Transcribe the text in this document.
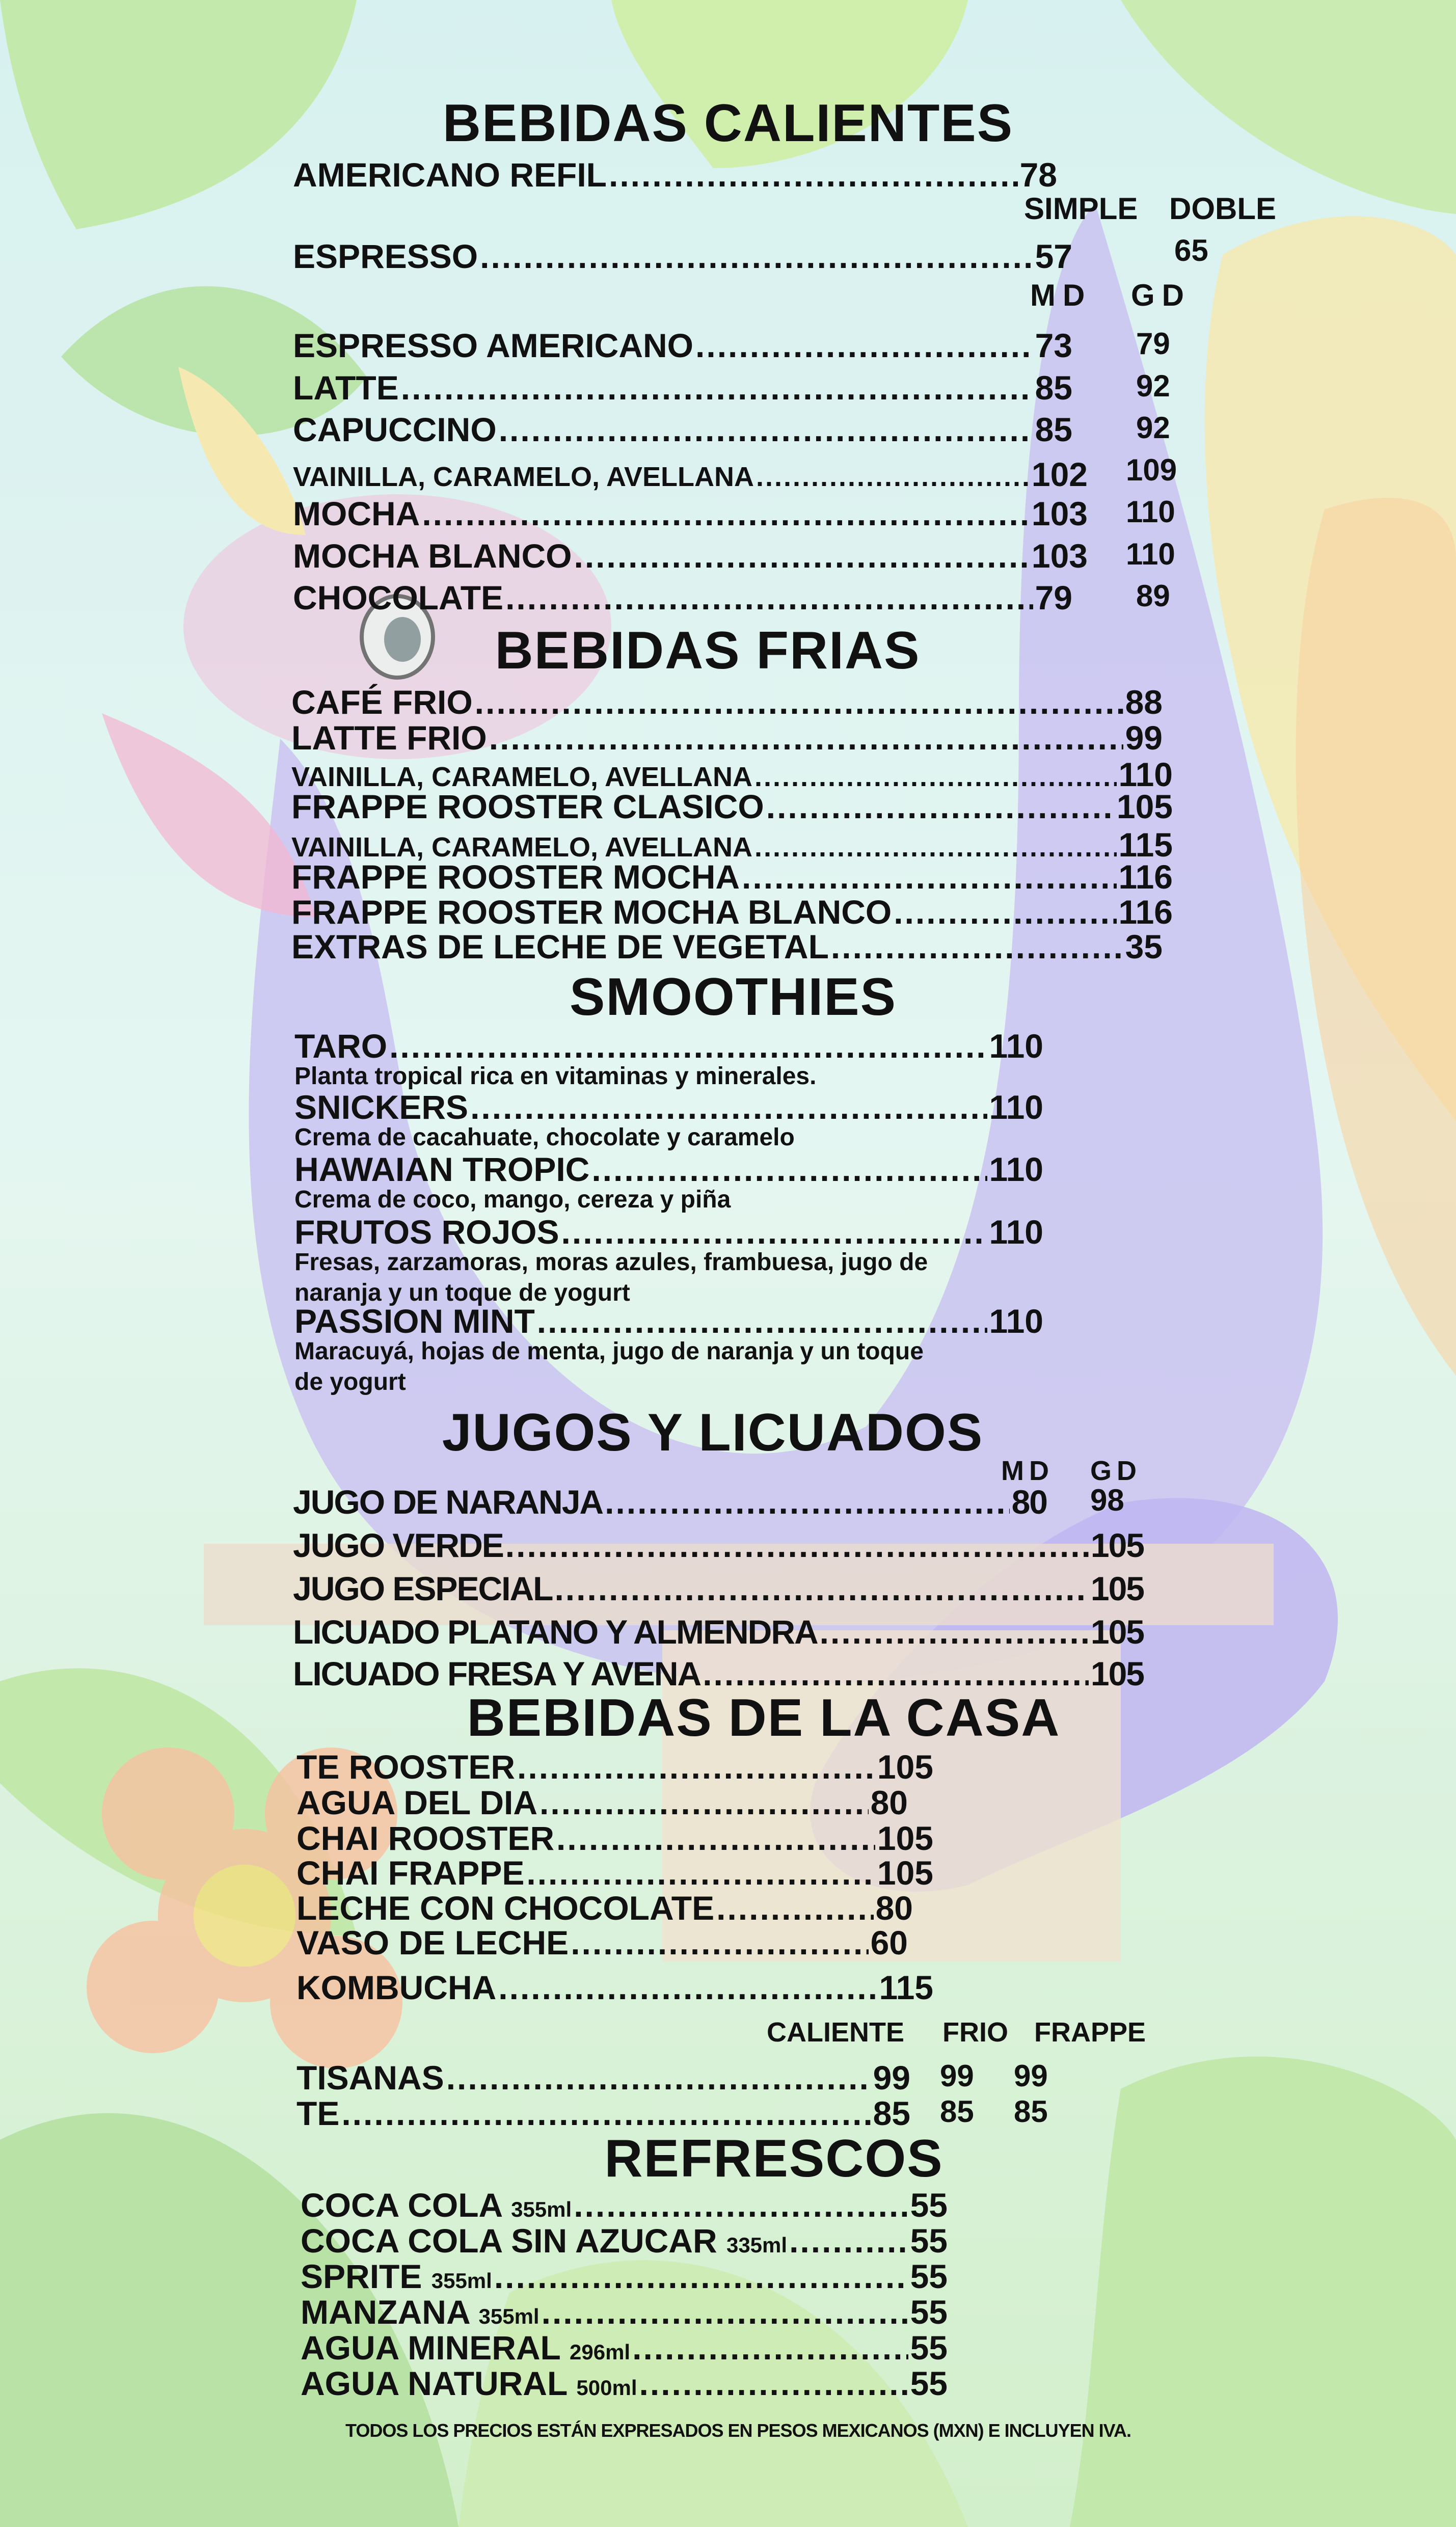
BEBIDAS CALIENTES
AMERICANO REFIL .....	78
SIMPLE DOBLE
ESPRESSO .....	57	65
MD GD
ESPRESSO AMERICANO .....	73 79
LATTE .....	85 92
CAPUCCINO .....	85 92
VAINILLA, CARAMELO, AVELLANA .....	102 109
MOCHA .....	103 110
MOCHA BLANCO .....	103 110
CHOCOLATE .....	79 89
BEBIDAS FRIAS
CAFÉ FRIO .....	88
LATTE FRIO .....	99
VAINILLA, CARAMELO, AVELLANA .....	110
FRAPPE ROOSTER CLASICO .....	105
VAINILLA, CARAMELO, AVELLANA .....	115
FRAPPE ROOSTER MOCHA .....	116
FRAPPE ROOSTER MOCHA BLANCO .....	116
EXTRAS DE LECHE DE VEGETAL .....	35
SMOOTHIES
TARO .....	110
Planta tropical rica en vitaminas y minerales.
SNICKERS .....	110
Crema de cacahuate, chocolate y caramelo
HAWAIAN TROPIC .....	110
Crema de coco, mango, cereza y piña
FRUTOS ROJOS .....	110
Fresas, zarzamoras, moras azules, frambuesa, jugo de naranja y un toque de yogurt
PASSION MINT .....	110
Maracuyá, hojas de menta, jugo de naranja y un toque de yogurt
JUGOS Y LICUADOS
MD GD
JUGO DE NARANJA .....	80 98
JUGO VERDE .....	105
JUGO ESPECIAL .....	105
LICUADO PLATANO Y ALMENDRA .....	105
LICUADO FRESA Y AVENA .....	105
BEBIDAS DE LA CASA
TE ROOSTER .....	105
AGUA DEL DIA .....	80
CHAI ROOSTER .....	105
CHAI FRAPPE .....	105
LECHE CON CHOCOLATE .....	80
VASO DE LECHE .....	60
KOMBUCHA .....	115
CALIENTE FRIO FRAPPE
TISANAS .....	99 99 99
TE .....	85 85 85
REFRESCOS
COCA COLA 355ml .....	55
COCA COLA SIN AZUCAR 335ml .....	55
SPRITE 355ml .....	55
MANZANA 355ml .....	55
AGUA MINERAL 296ml .....	55
AGUA NATURAL 500ml .....	55
TODOS LOS PRECIOS ESTÁN EXPRESADOS EN PESOS MEXICANOS (MXN) E INCLUYEN IVA.
